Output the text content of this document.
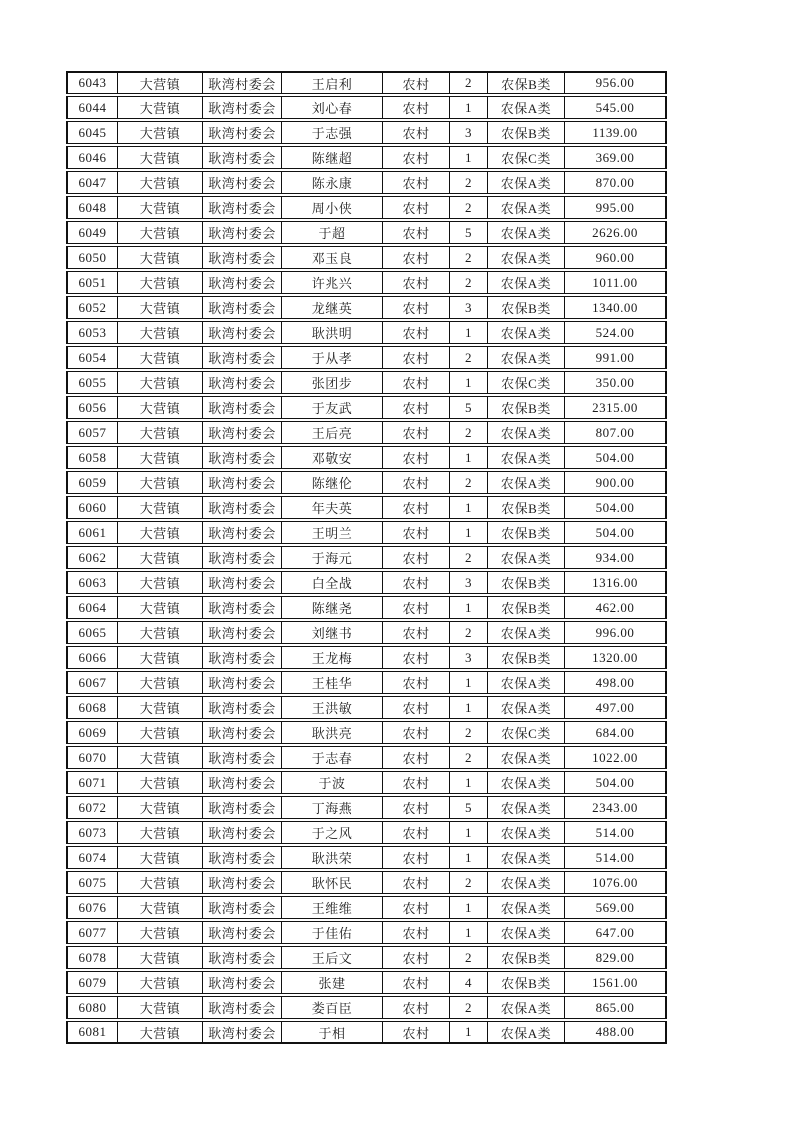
6043	大营镇	耿湾村委会	王启利	农村	2	农保B类	956.00
6044	大营镇	耿湾村委会	刘心春	农村	1	农保A类	545.00
6045	大营镇	耿湾村委会	于志强	农村	3	农保B类	1139.00
6046	大营镇	耿湾村委会	陈继超	农村	1	农保C类	369.00
6047	大营镇	耿湾村委会	陈永康	农村	2	农保A类	870.00
6048	大营镇	耿湾村委会	周小侠	农村	2	农保A类	995.00
6049	大营镇	耿湾村委会	于超	农村	5	农保A类	2626.00
6050	大营镇	耿湾村委会	邓玉良	农村	2	农保A类	960.00
6051	大营镇	耿湾村委会	许兆兴	农村	2	农保A类	1011.00
6052	大营镇	耿湾村委会	龙继英	农村	3	农保B类	1340.00
6053	大营镇	耿湾村委会	耿洪明	农村	1	农保A类	524.00
6054	大营镇	耿湾村委会	于从孝	农村	2	农保A类	991.00
6055	大营镇	耿湾村委会	张团步	农村	1	农保C类	350.00
6056	大营镇	耿湾村委会	于友武	农村	5	农保B类	2315.00
6057	大营镇	耿湾村委会	王后亮	农村	2	农保A类	807.00
6058	大营镇	耿湾村委会	邓敬安	农村	1	农保A类	504.00
6059	大营镇	耿湾村委会	陈继伦	农村	2	农保A类	900.00
6060	大营镇	耿湾村委会	年夫英	农村	1	农保B类	504.00
6061	大营镇	耿湾村委会	王明兰	农村	1	农保B类	504.00
6062	大营镇	耿湾村委会	于海元	农村	2	农保A类	934.00
6063	大营镇	耿湾村委会	白全战	农村	3	农保B类	1316.00
6064	大营镇	耿湾村委会	陈继尧	农村	1	农保B类	462.00
6065	大营镇	耿湾村委会	刘继书	农村	2	农保A类	996.00
6066	大营镇	耿湾村委会	王龙梅	农村	3	农保B类	1320.00
6067	大营镇	耿湾村委会	王桂华	农村	1	农保A类	498.00
6068	大营镇	耿湾村委会	王洪敏	农村	1	农保A类	497.00
6069	大营镇	耿湾村委会	耿洪亮	农村	2	农保C类	684.00
6070	大营镇	耿湾村委会	于志春	农村	2	农保A类	1022.00
6071	大营镇	耿湾村委会	于波	农村	1	农保A类	504.00
6072	大营镇	耿湾村委会	丁海燕	农村	5	农保A类	2343.00
6073	大营镇	耿湾村委会	于之风	农村	1	农保A类	514.00
6074	大营镇	耿湾村委会	耿洪荣	农村	1	农保A类	514.00
6075	大营镇	耿湾村委会	耿怀民	农村	2	农保A类	1076.00
6076	大营镇	耿湾村委会	王维维	农村	1	农保A类	569.00
6077	大营镇	耿湾村委会	于佳佑	农村	1	农保A类	647.00
6078	大营镇	耿湾村委会	王后文	农村	2	农保B类	829.00
6079	大营镇	耿湾村委会	张建	农村	4	农保B类	1561.00
6080	大营镇	耿湾村委会	娄百臣	农村	2	农保A类	865.00
6081	大营镇	耿湾村委会	于相	农村	1	农保A类	488.00
